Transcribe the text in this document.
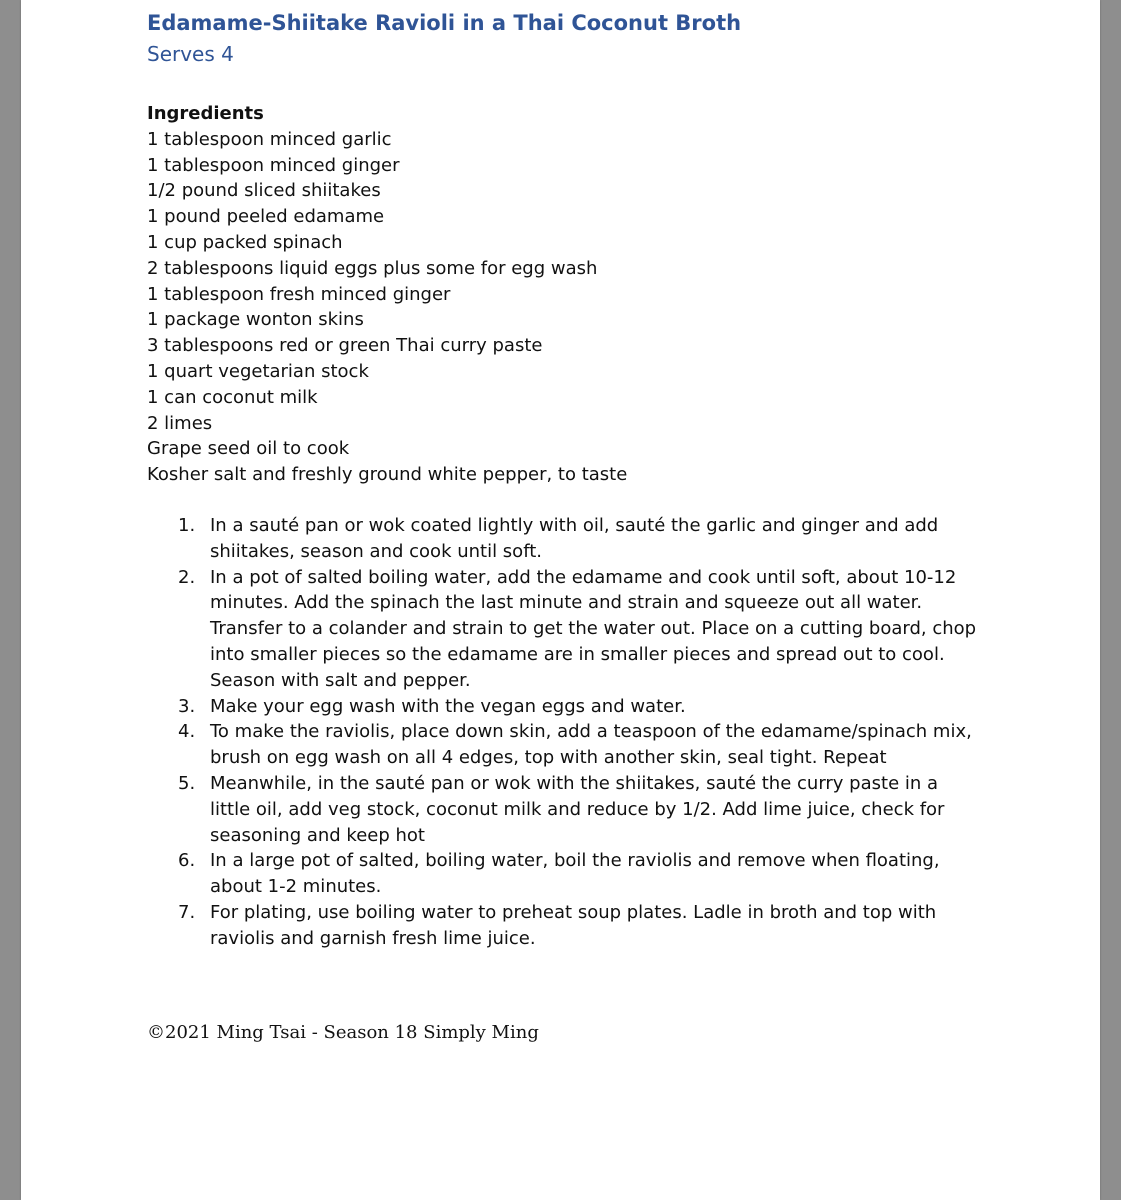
Edamame-Shiitake Ravioli in a Thai Coconut Broth

Serves 4

Ingredients
1 tablespoon minced garlic
1 tablespoon minced ginger
1/2 pound sliced shiitakes
1 pound peeled edamame
1 cup packed spinach
2 tablespoons liquid eggs plus some for egg wash
1 tablespoon fresh minced ginger
1 package wonton skins
3 tablespoons red or green Thai curry paste
1 quart vegetarian stock
1 can coconut milk
2 limes
Grape seed oil to cook
Kosher salt and freshly ground white pepper, to taste
1. In a sauté pan or wok coated lightly with oil, sauté the garlic and ginger and add shiitakes, season and cook until soft.
2. In a pot of salted boiling water, add the edamame and cook until soft, about 10-12 minutes. Add the spinach the last minute and strain and squeeze out all water. Transfer to a colander and strain to get the water out. Place on a cutting board, chop into smaller pieces so the edamame are in smaller pieces and spread out to cool. Season with salt and pepper.
3. Make your egg wash with the vegan eggs and water.
4. To make the raviolis, place down skin, add a teaspoon of the edamame/spinach mix, brush on egg wash on all 4 edges, top with another skin, seal tight. Repeat
5. Meanwhile, in the sauté pan or wok with the shiitakes, sauté the curry paste in a little oil, add veg stock, coconut milk and reduce by 1/2. Add lime juice, check for seasoning and keep hot
6. In a large pot of salted, boiling water, boil the raviolis and remove when floating, about 1-2 minutes.
7. For plating, use boiling water to preheat soup plates. Ladle in broth and top with raviolis and garnish fresh lime juice.
©2021 Ming Tsai - Season 18 Simply Ming
